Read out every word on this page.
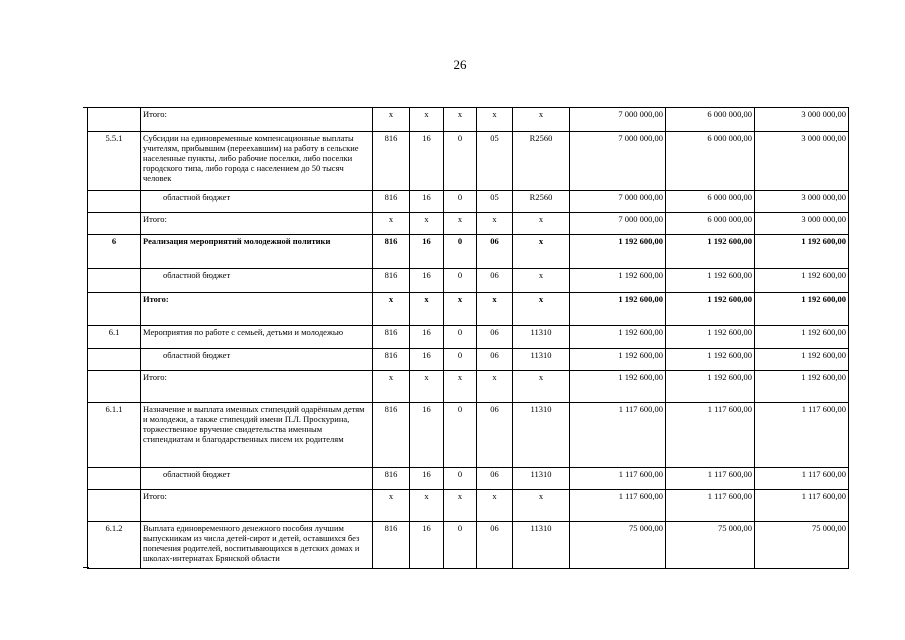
26
	Итого:	x	x	x	x	x	7 000 000,00	6 000 000,00	3 000 000,00
5.5.1	Субсидии на единовременные компенсационные выплаты учителям, прибывшим (переехавшим) на работу в сельские населенные пункты, либо рабочие поселки, либо поселки городского типа, либо города с населением до 50 тысяч человек	816	16	0	05	R2560	7 000 000,00	6 000 000,00	3 000 000,00
	областной бюджет	816	16	0	05	R2560	7 000 000,00	6 000 000,00	3 000 000,00
	Итого:	x	x	x	x	x	7 000 000,00	6 000 000,00	3 000 000,00
6	Реализация мероприятий молодежной политики	816	16	0	06	x	1 192 600,00	1 192 600,00	1 192 600,00
	областной бюджет	816	16	0	06	x	1 192 600,00	1 192 600,00	1 192 600,00
	Итого:	x	x	x	x	x	1 192 600,00	1 192 600,00	1 192 600,00
6.1	Мероприятия по работе с семьей, детьми и молодежью	816	16	0	06	11310	1 192 600,00	1 192 600,00	1 192 600,00
	областной бюджет	816	16	0	06	11310	1 192 600,00	1 192 600,00	1 192 600,00
	Итого:	x	x	x	x	x	1 192 600,00	1 192 600,00	1 192 600,00
6.1.1	Назначение и выплата именных стипендий одарённым детям и молодежи, а также стипендий имени П.Л. Проскурина, торжественное вручение свидетельства именным стипендиатам и благодарственных писем их родителям	816	16	0	06	11310	1 117 600,00	1 117 600,00	1 117 600,00
	областной бюджет	816	16	0	06	11310	1 117 600,00	1 117 600,00	1 117 600,00
	Итого:	x	x	x	x	x	1 117 600,00	1 117 600,00	1 117 600,00
6.1.2	Выплата единовременного денежного пособия лучшим выпускникам из числа детей-сирот и детей, оставшихся без попечения родителей, воспитывающихся в детских домах и школах-интернатах Брянской области	816	16	0	06	11310	75 000,00	75 000,00	75 000,00
